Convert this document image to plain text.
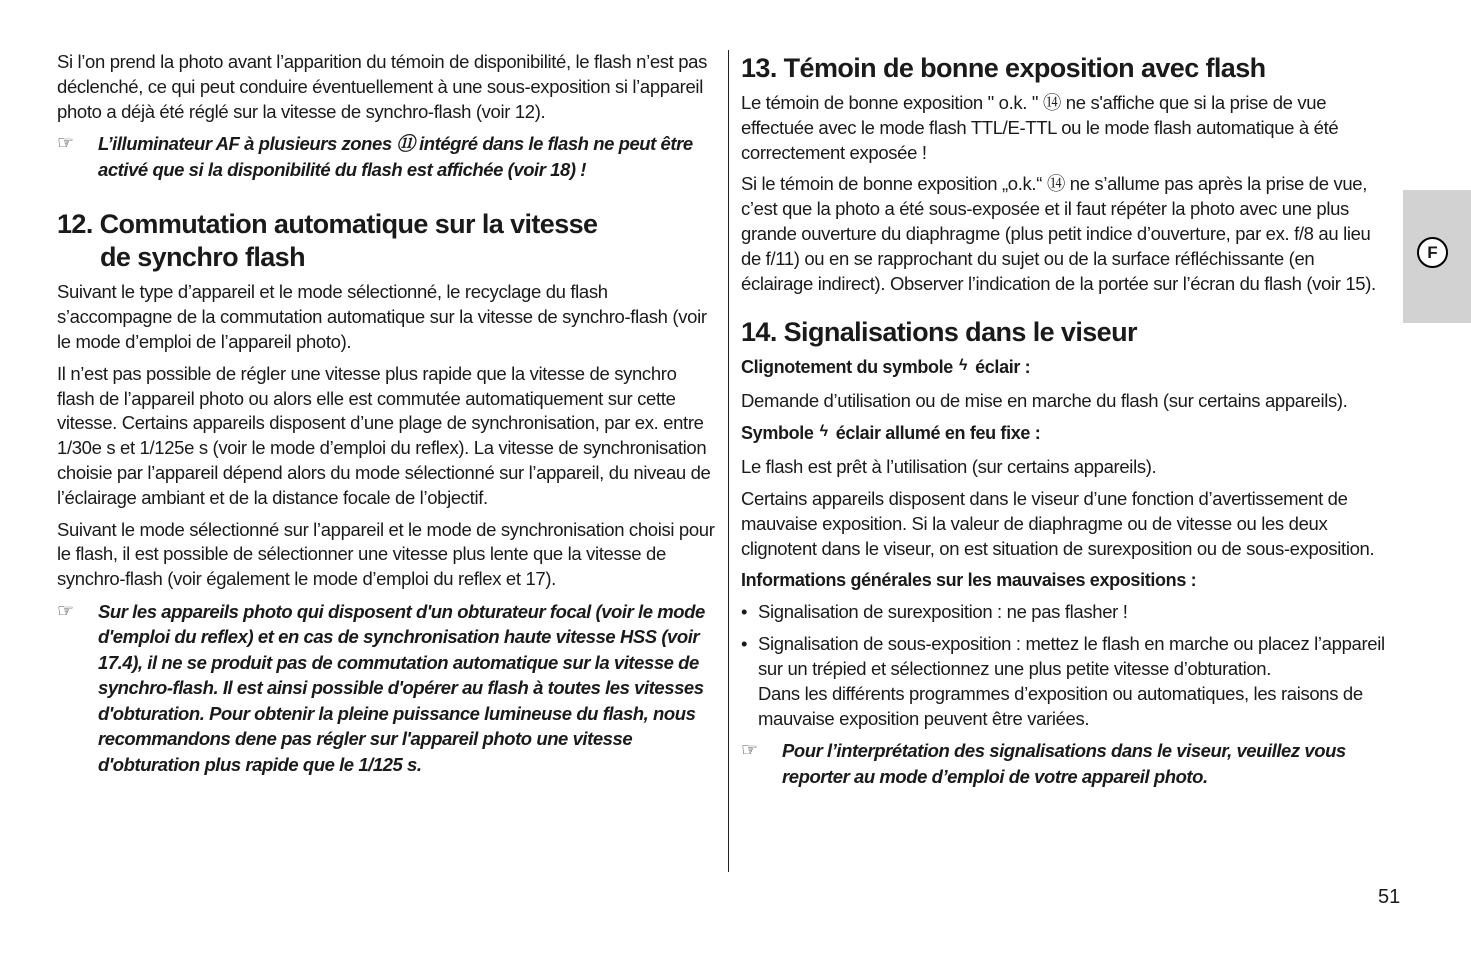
Si l’on prend la photo avant l’apparition du témoin de disponibilité, le flash n’est pas déclenché, ce qui peut conduire éventuellement à une sous-exposition si l’appareil photo a déjà été réglé sur la vitesse de synchro-flash (voir 12).

☞ L’illuminateur AF à plusieurs zones ⑪ intégré dans le flash ne peut être activé que si la disponibilité du flash est affichée (voir 18) !
12. Commutation automatique sur la vitesse
de synchro flash

Suivant le type d’appareil et le mode sélectionné, le recyclage du flash s’accompagne de la commutation automatique sur la vitesse de synchro-flash (voir le mode d’emploi de l’appareil photo).

Il n’est pas possible de régler une vitesse plus rapide que la vitesse de synchro flash de l’appareil photo ou alors elle est commutée automatiquement sur cette vitesse. Certains appareils disposent d’une plage de synchronisation, par ex. entre 1/30e s et 1/125e s (voir le mode d’emploi du reflex). La vitesse de synchronisation choisie par l’appareil dépend alors du mode sélectionné sur l’appareil, du niveau de l’éclairage ambiant et de la distance focale de l’objectif.

Suivant le mode sélectionné sur l’appareil et le mode de synchronisation choisi pour le flash, il est possible de sélectionner une vitesse plus lente que la vitesse de synchro-flash (voir également le mode d’emploi du reflex et 17).

☞ Sur les appareils photo qui disposent d'un obturateur focal (voir le mode d'emploi du reflex) et en cas de synchronisation haute vitesse HSS (voir 17.4), il ne se produit pas de commutation automatique sur la vitesse de synchro-flash. Il est ainsi possible d'opérer au flash à toutes les vitesses d'obturation. Pour obtenir la pleine puissance lumineuse du flash, nous recommandons dene pas régler sur l'appareil photo une vitesse d'obturation plus rapide que le 1/125 s.
13. Témoin de bonne exposition avec flash

Le témoin de bonne exposition " o.k. " ⑭ ne s'affiche que si la prise de vue effectuée avec le mode flash TTL/E-TTL ou le mode flash automatique à été correctement exposée !

Si le témoin de bonne exposition „o.k.“ ⑭ ne s’allume pas après la prise de vue, c’est que la photo a été sous-exposée et il faut répéter la photo avec une plus grande ouverture du diaphragme (plus petit indice d’ouverture, par ex. f/8 au lieu de f/11) ou en se rapprochant du sujet ou de la surface réfléchissante (en éclairage indirect). Observer l’indication de la portée sur l’écran du flash (voir 15).

14. Signalisations dans le viseur
Clignotement du symbole ϟ éclair :

Demande d’utilisation ou de mise en marche du flash (sur certains appareils).

Symbole ϟ éclair allumé en feu fixe :

Le flash est prêt à l’utilisation (sur certains appareils).

Certains appareils disposent dans le viseur d’une fonction d’avertissement de mauvaise exposition. Si la valeur de diaphragme ou de vitesse ou les deux clignotent dans le viseur, on est situation de surexposition ou de sous-exposition.

Informations générales sur les mauvaises expositions :
• Signalisation de surexposition : ne pas flasher !
• Signalisation de sous-exposition : mettez le flash en marche ou placez l’appareil sur un trépied et sélectionnez une plus petite vitesse d’obturation.
Dans les différents programmes d’exposition ou automatiques, les raisons de mauvaise exposition peuvent être variées.
☞ Pour l’interprétation des signalisations dans le viseur, veuillez vous reporter au mode d’emploi de votre appareil photo.
F
51
